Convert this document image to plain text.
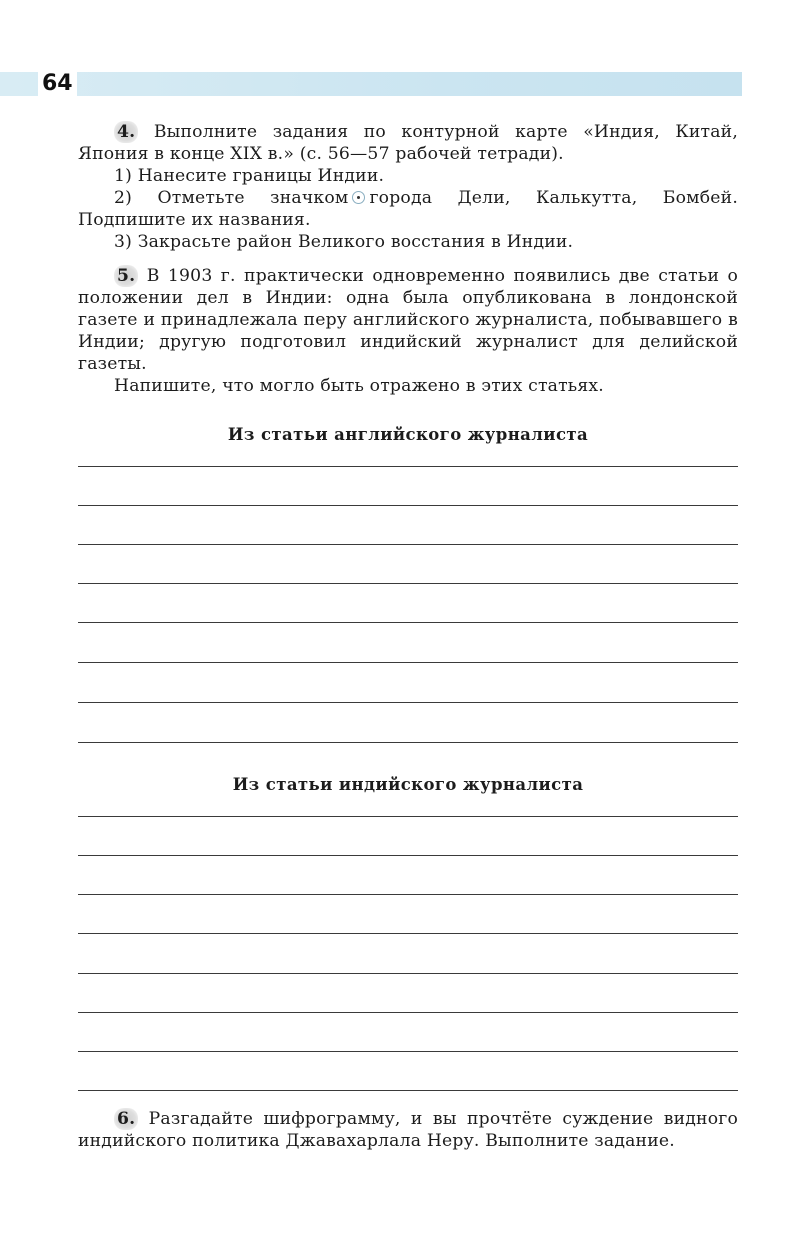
64

4. Выполните задания по контурной карте «Индия, Китай, Япония в конце XIX в.» (с. 56—57 рабочей тетради).

1) Нанесите границы Индии.

2) Отметьте значком города Дели, Калькутта, Бомбей. Подпишите их названия.

3) Закрасьте район Великого восстания в Индии.

5. В 1903 г. практически одновременно появились две статьи о положении дел в Индии: одна была опубликована в лондонской газете и принадлежала перу английского журналиста, побывавшего в Индии; другую подготовил индийский журналист для делийской газеты.

Напишите, что могло быть отражено в этих статьях.

Из статьи английского журналиста
Из статьи индийского журналиста

6. Разгадайте шифрограмму, и вы прочтёте суждение видного индийского политика Джавахарлала Неру. Выполните задание.
